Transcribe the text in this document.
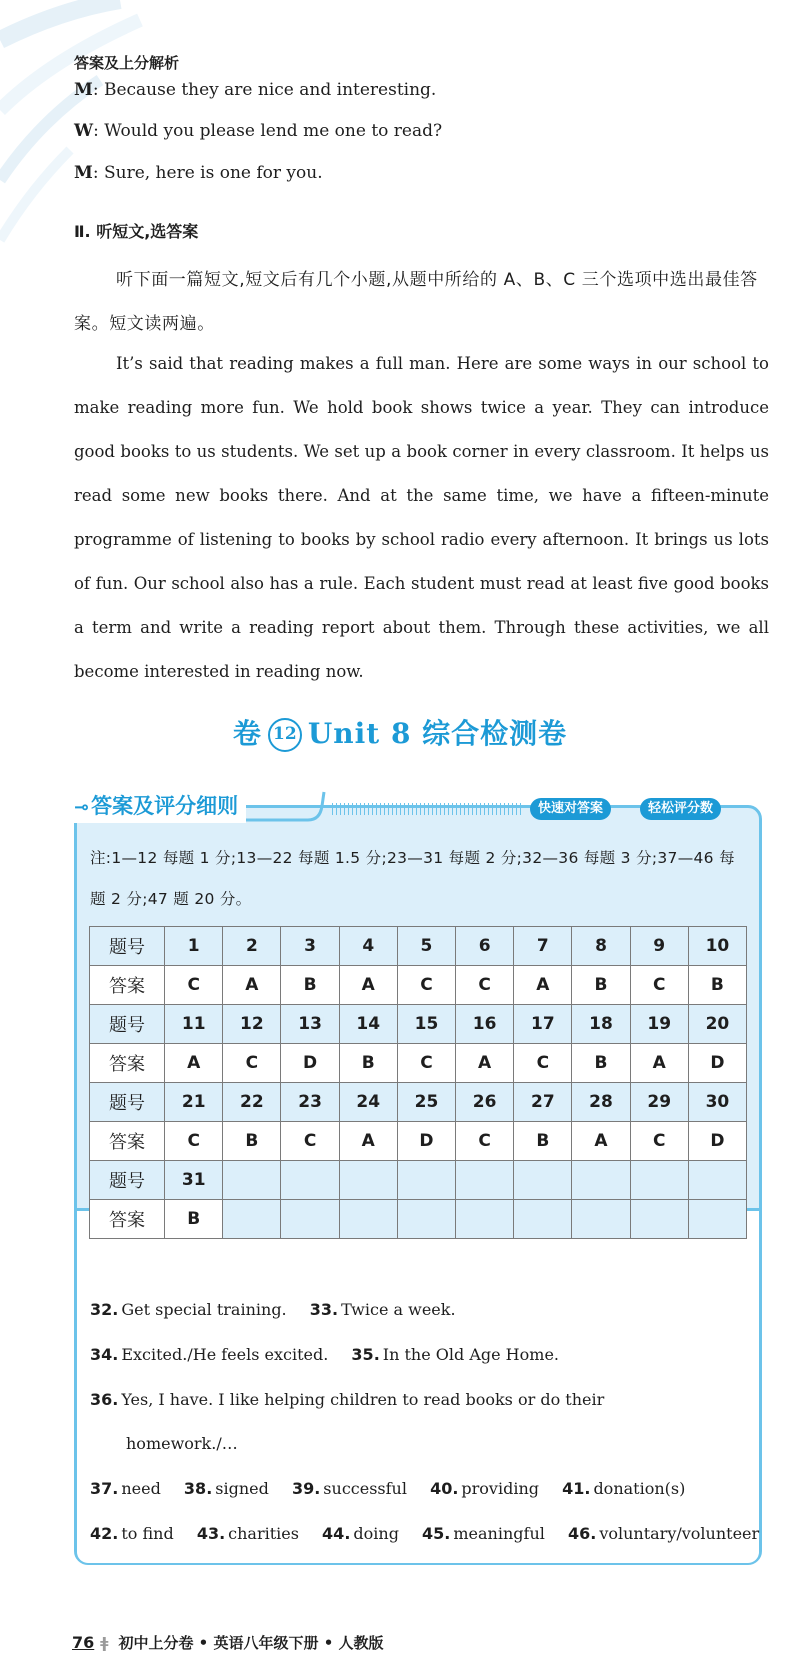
答案及上分解析
M: Because they are nice and interesting.
W: Would you please lend me one to read?
M: Sure, here is one for you.
Ⅱ. 听短文,选答案
听下面一篇短文,短文后有几个小题,从题中所给的 A、B、C 三个选项中选出最佳答案。短文读两遍。
It’s said that reading makes a full man. Here are some ways in our school to make reading more fun. We hold book shows twice a year. They can introduce good books to us students. We set up a book corner in every classroom. It helps us read some new books there. And at the same time, we have a fifteen-minute programme of listening to books by school radio every afternoon. It brings us lots of fun. Our school also has a rule. Each student must read at least five good books a term and write a reading report about them. Through these activities, we all become interested in reading now.
卷 12 Unit 8 综合检测卷
⊸答案及评分细则	快速对答案	轻松评分数
注:1—12 每题 1 分;13—22 每题 1.5 分;23—31 每题 2 分;32—36 每题 3 分;37—46 每题 2 分;47 题 20 分。
题号	1	2	3	4	5	6	7	8	9	10
答案	C	A	B	A	C	C	A	B	C	B
题号	11	12	13	14	15	16	17	18	19	20
答案	A	C	D	B	C	A	C	B	A	D
题号	21	22	23	24	25	26	27	28	29	30
答案	C	B	C	A	D	C	B	A	C	D
题号	31									
答案	B									
32. Get special training. 33. Twice a week.
34. Excited./He feels excited. 35. In the Old Age Home.
36. Yes, I have. I like helping children to read books or do their
homework./…
37. need 38. signed 39. successful 40. providing 41. donation(s)
42. to find 43. charities 44. doing 45. meaningful 46. voluntary/volunteer
76 ǂ 初中上分卷 • 英语八年级下册 • 人教版
